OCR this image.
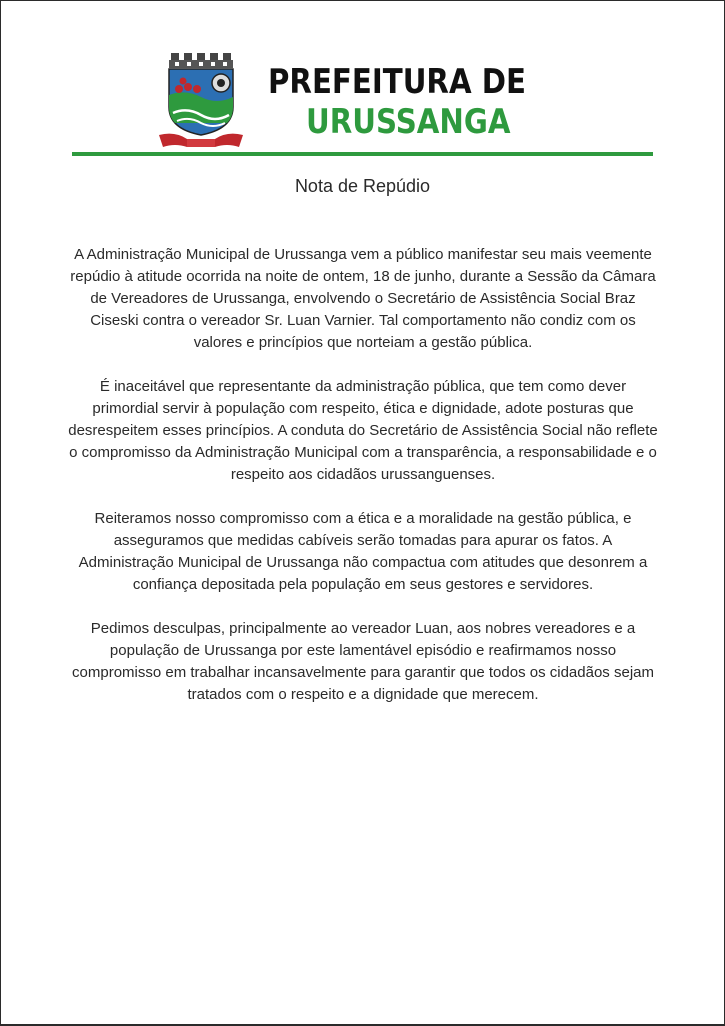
PREFEITURA DE
URUSSANGA
Nota de Repúdio

A Administração Municipal de Urussanga vem a público manifestar seu mais veemente repúdio à atitude ocorrida na noite de ontem, 18 de junho, durante a Sessão da Câmara de Vereadores de Urussanga, envolvendo o Secretário de Assistência Social Braz Ciseski contra o vereador Sr. Luan Varnier. Tal comportamento não condiz com os valores e princípios que norteiam a gestão pública.

É inaceitável que representante da administração pública, que tem como dever primordial servir à população com respeito, ética e dignidade, adote posturas que desrespeitem esses princípios. A conduta do Secretário de Assistência Social não reflete o compromisso da Administração Municipal com a transparência, a responsabilidade e o respeito aos cidadãos urussanguenses.

Reiteramos nosso compromisso com a ética e a moralidade na gestão pública, e asseguramos que medidas cabíveis serão tomadas para apurar os fatos. A Administração Municipal de Urussanga não compactua com atitudes que desonrem a confiança depositada pela população em seus gestores e servidores.

Pedimos desculpas, principalmente ao vereador Luan, aos nobres vereadores e a população de Urussanga por este lamentável episódio e reafirmamos nosso compromisso em trabalhar incansavelmente para garantir que todos os cidadãos sejam tratados com o respeito e a dignidade que merecem.
